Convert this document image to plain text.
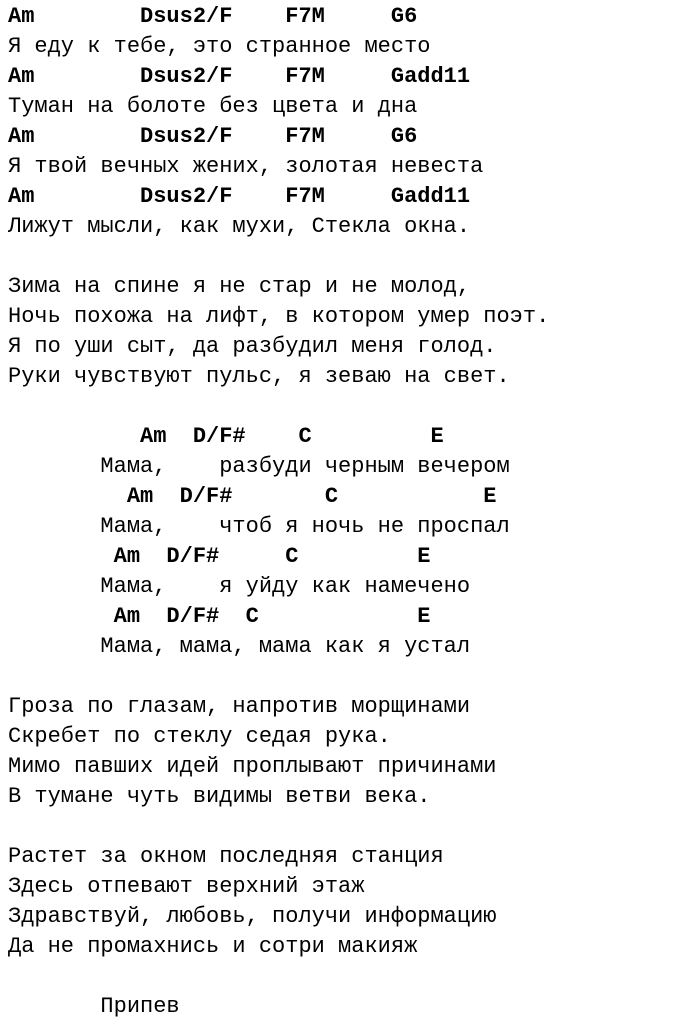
Am        Dsus2/F    F7M     G6
Я еду к тебе, это странное место
Am        Dsus2/F    F7M     Gadd11
Туман на болоте без цвета и дна
Am        Dsus2/F    F7M     G6
Я твой вечных жених, золотая невеста
Am        Dsus2/F    F7M     Gadd11
Лижут мысли, как мухи, Стекла окна.
Зима на спине я не стар и не молод,
Ночь похожа на лифт, в котором умер поэт.
Я по уши сыт, да разбудил меня голод.
Руки чувствуют пульс, я зеваю на свет.
Am  D/F#    C         E
Мама,    разбуди черным вечером
Am  D/F#       C           E
Мама,    чтоб я ночь не проспал
Am  D/F#     C         E
Мама,    я уйду как намечено
Am  D/F#  C            E
Мама, мама, мама как я устал
Гроза по глазам, напротив морщинами
Скребет по стеклу седая рука.
Мимо павших идей проплывают причинами
В тумане чуть видимы ветви века.
Растет за окном последняя станция
Здесь отпевают верхний этаж
Здравствуй, любовь, получи информацию
Да не промахнись и сотри макияж
Припев
